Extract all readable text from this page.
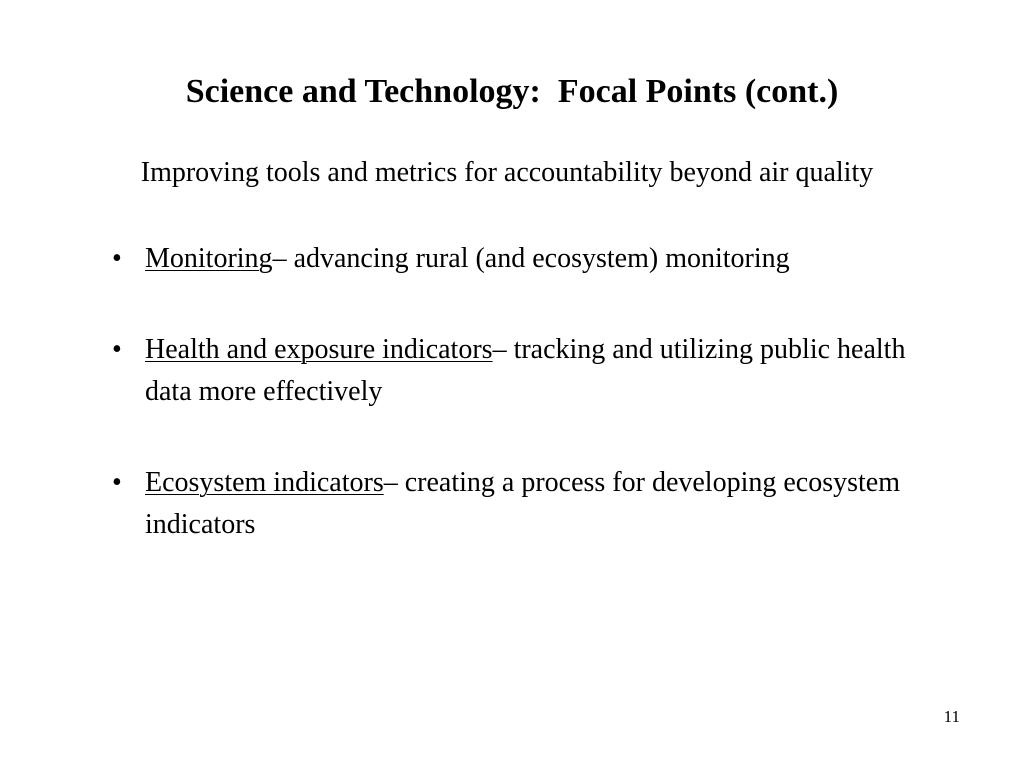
Science and Technology:  Focal Points (cont.)
Improving tools and metrics for accountability beyond air quality
• Monitoring– advancing rural (and ecosystem) monitoring
• Health and exposure indicators– tracking and utilizing public health data more effectively
• Ecosystem indicators– creating a process for developing ecosystem indicators
11
